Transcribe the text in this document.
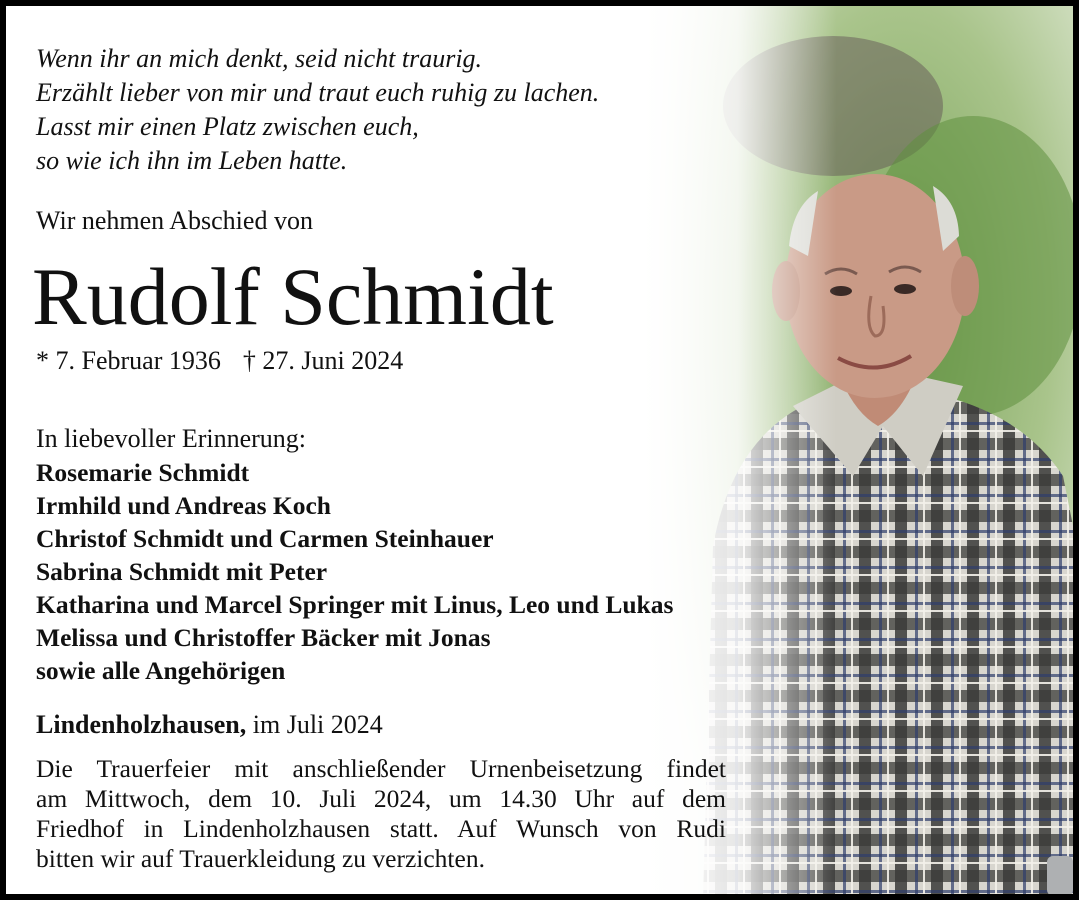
Wenn ihr an mich denkt, seid nicht traurig.
Erzählt lieber von mir und traut euch ruhig zu lachen.
Lasst mir einen Platz zwischen euch,
so wie ich ihn im Leben hatte.
Wir nehmen Abschied von
Rudolf Schmidt
* 7. Februar 1936 † 27. Juni 2024
In liebevoller Erinnerung:
Rosemarie Schmidt
Irmhild und Andreas Koch
Christof Schmidt und Carmen Steinhauer
Sabrina Schmidt mit Peter
Katharina und Marcel Springer mit Linus, Leo und Lukas
Melissa und Christoffer Bäcker mit Jonas
sowie alle Angehörigen
Lindenholzhausen, im Juli 2024
Die Trauerfeier mit anschließender Urnenbeisetzung findet
am Mittwoch, dem 10. Juli 2024, um 14.30 Uhr auf dem
Friedhof in Lindenholzhausen statt. Auf Wunsch von Rudi
bitten wir auf Trauerkleidung zu verzichten.
